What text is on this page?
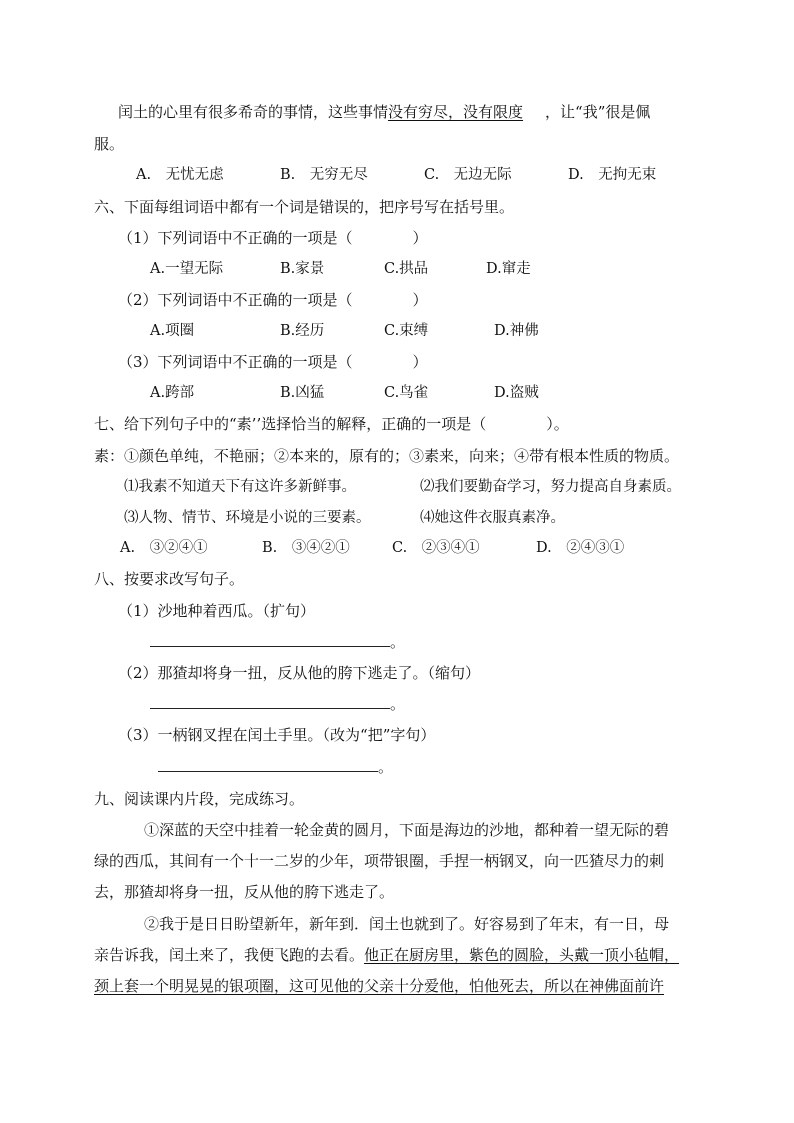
闰土的心里有很多希奇的事情，这些事情没有穷尽，没有限度 ，让“我”很是佩
服。
A.　无忧无虑	B.　无穷无尽	C.　无边无际	D.　无拘无束
六、下面每组词语中都有一个词是错误的，把序号写在括号里。
（1）下列词语中不正确的一项是（　　　　）
A.一望无际	B.家景	C.拱品	D.窜走
（2）下列词语中不正确的一项是（　　　　）
A.项圈	B.经历	C.束缚	D.神佛
（3）下列词语中不正确的一项是（　　　　）
A.跨部	B.凶猛	C.鸟雀	D.盗贼
七、给下列句子中的“素’’选择恰当的解释，正确的一项是（　　　　）。
素：①颜色单纯，不艳丽；②本来的，原有的；③素来，向来；④带有根本性质的物质。
⑴我素不知道天下有这许多新鲜事。	⑵我们要勤奋学习，努力提高自身素质。
⑶人物、情节、环境是小说的三要素。	⑷她这件衣服真素净。
A.　③②④①	B.　③④②①	C.　②③④①	D.　②④③①
八、按要求改写句子。
（1）沙地种着西瓜。（扩句）
。
（2）那猹却将身一扭，反从他的胯下逃走了。（缩句）
。
（3）一柄钢叉捏在闰土手里。（改为“把”字句）
。
九、阅读课内片段，完成练习。
①深蓝的天空中挂着一轮金黄的圆月，下面是海边的沙地，都种着一望无际的碧
绿的西瓜，其间有一个十一二岁的少年，项带银圈，手捏一柄钢叉，向一匹猹尽力的刺
去，那猹却将身一扭，反从他的胯下逃走了。
②我于是日日盼望新年，新年到．闰土也就到了。好容易到了年末，有一日，母
亲告诉我，闰土来了，我便飞跑的去看。他正在厨房里，紫色的圆脸，头戴一顶小毡帽，
颈上套一个明晃晃的银项圈，这可见他的父亲十分爱他，怕他死去，所以在神佛面前许
